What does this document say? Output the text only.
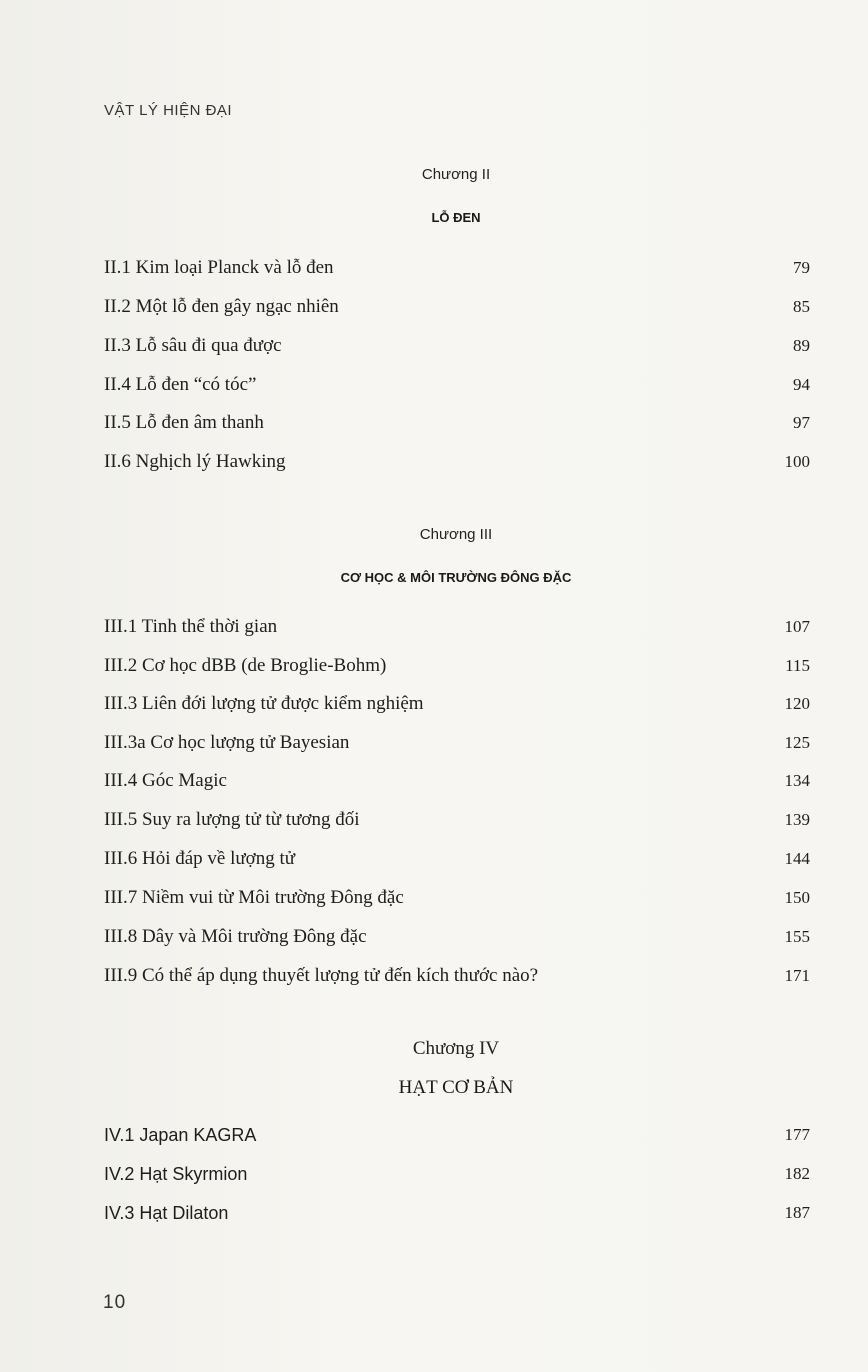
VẬT LÝ HIỆN ĐẠI
Chương II
LỖ ĐEN
II.1 Kim loại Planck và lỗ đen	79
II.2 Một lỗ đen gây ngạc nhiên	85
II.3 Lỗ sâu đi qua được	89
II.4 Lỗ đen “có tóc”	94
II.5 Lỗ đen âm thanh	97
II.6 Nghịch lý Hawking	100
Chương III
CƠ HỌC & MÔI TRƯỜNG ĐÔNG ĐẶC
III.1 Tinh thể thời gian	107
III.2 Cơ học dBB (de Broglie-Bohm)	115
III.3 Liên đới lượng tử được kiểm nghiệm	120
III.3a Cơ học lượng tử Bayesian	125
III.4 Góc Magic	134
III.5 Suy ra lượng tử từ tương đối	139
III.6 Hỏi đáp về lượng tử	144
III.7 Niềm vui từ Môi trường Đông đặc	150
III.8 Dây và Môi trường Đông đặc	155
III.9 Có thể áp dụng thuyết lượng tử đến kích thước nào?	171
Chương IV
HẠT CƠ BẢN
IV.1 Japan KAGRA	177
IV.2 Hạt Skyrmion	182
IV.3 Hạt Dilaton	187
10
